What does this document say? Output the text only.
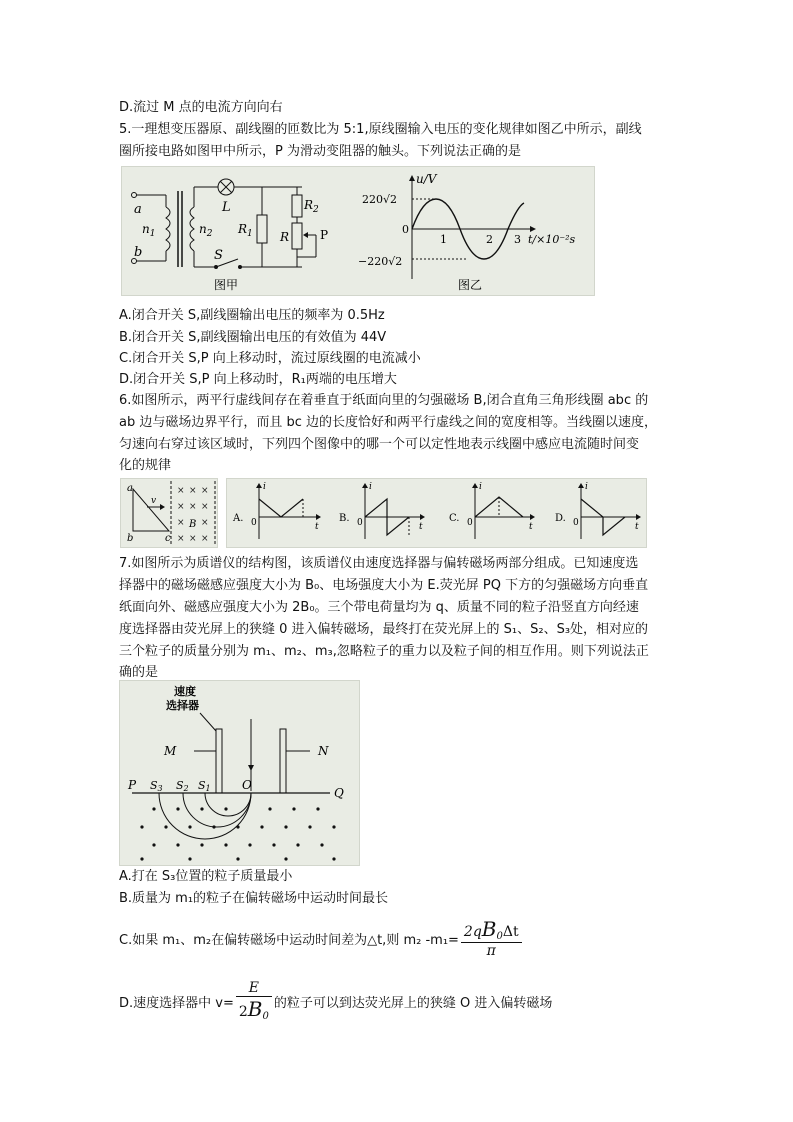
D.流过 M 点的电流方向向右
5.一理想变压器原、副线圈的匝数比为 5:1,原线圈输入电压的变化规律如图乙中所示，副线
圈所接电路如图甲中所示，P 为滑动变阻器的触头。下列说法正确的是
a
b
$n_1$	$n_2$
L
S
$R_1$
$R_2$
R	P
图甲
u/V
220√2
−220√2
0
1	2 3 t/×10⁻²s
图乙
A.闭合开关 S,副线圈输出电压的频率为 0.5Hz
B.闭合开关 S,副线圈输出电压的有效值为 44V
C.闭合开关 S,P 向上移动时，流过原线圈的电流减小
D.闭合开关 S,P 向上移动时，R₁两端的电压增大
6.如图所示，两平行虚线间存在着垂直于纸面向里的匀强磁场 B,闭合直角三角形线圈 abc 的
ab 边与磁场边界平行，而且 bc 边的长度恰好和两平行虚线之间的宽度相等。当线圈以速度，
匀速向右穿过该区域时，下列四个图像中的哪一个可以定性地表示线圈中感应电流随时间变
化的规律
a
b	c
v
× × ×
× × ×
× ×
× × ×
B
A.
i
t
0	B.
i
t
0	C.
i
t
0	D.
i
t
0
7.如图所示为质谱仪的结构图，该质谱仪由速度选择器与偏转磁场两部分组成。已知速度选
择器中的磁场磁感应强度大小为 B₀、电场强度大小为 E.荧光屏 PQ 下方的匀强磁场方向垂直
纸面向外、磁感应强度大小为 2B₀。三个带电荷量均为 q、质量不同的粒子沿竖直方向经速
度选择器由荧光屏上的狭缝 0 进入偏转磁场，最终打在荧光屏上的 S₁、S₂、S₃处，相对应的
三个粒子的质量分别为 m₁、m₂、m₃,忽略粒子的重力以及粒子间的相互作用。则下列说法正
确的是
速度
选择器
M	N
P
Q
O
S3 S2 S1
A.打在 S₃位置的粒子质量最小
B.质量为 m₁的粒子在偏转磁场中运动时间最长
C.如果 m₁、m₂在偏转磁场中运动时间差为△t,则 m₂ $-m_1= \frac{2qB_0\Delta t}{\pi}$
D.速度选择器中 $v= \frac{E}{2B_0}$ 的粒子可以到达荧光屏上的狭缝 O 进入偏转磁场
